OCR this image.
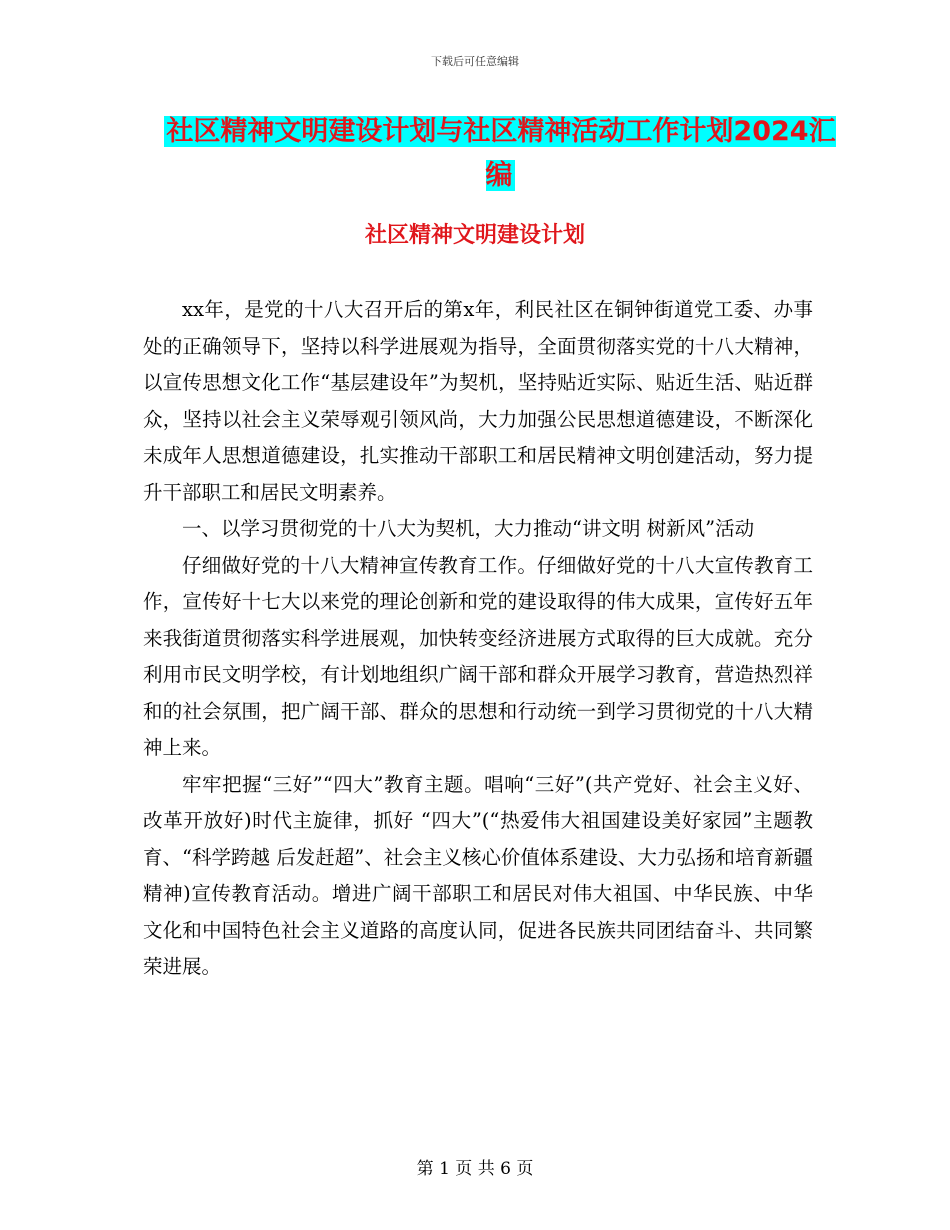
下载后可任意编辑
社区精神文明建设计划与社区精神活动工作计划2024汇编
社区精神文明建设计划

xx年，是党的十八大召开后的第x年，利民社区在铜钟街道党工委、办事处的正确领导下，坚持以科学进展观为指导，全面贯彻落实党的十八大精神，以宣传思想文化工作“基层建设年”为契机，坚持贴近实际、贴近生活、贴近群众，坚持以社会主义荣辱观引领风尚，大力加强公民思想道德建设，不断深化未成年人思想道德建设，扎实推动干部职工和居民精神文明创建活动，努力提升干部职工和居民文明素养。

一、以学习贯彻党的十八大为契机，大力推动“讲文明 树新风”活动

仔细做好党的十八大精神宣传教育工作。仔细做好党的十八大宣传教育工作，宣传好十七大以来党的理论创新和党的建设取得的伟大成果，宣传好五年来我街道贯彻落实科学进展观，加快转变经济进展方式取得的巨大成就。充分利用市民文明学校，有计划地组织广阔干部和群众开展学习教育，营造热烈祥和的社会氛围，把广阔干部、群众的思想和行动统一到学习贯彻党的十八大精神上来。

牢牢把握“三好”“四大”教育主题。唱响“三好”(共产党好、社会主义好、改革开放好)时代主旋律，抓好 “四大”(“热爱伟大祖国建设美好家园”主题教育、“科学跨越 后发赶超”、社会主义核心价值体系建设、大力弘扬和培育新疆精神)宣传教育活动。增进广阔干部职工和居民对伟大祖国、中华民族、中华文化和中国特色社会主义道路的高度认同，促进各民族共同团结奋斗、共同繁荣进展。

第 1 页 共 6 页
